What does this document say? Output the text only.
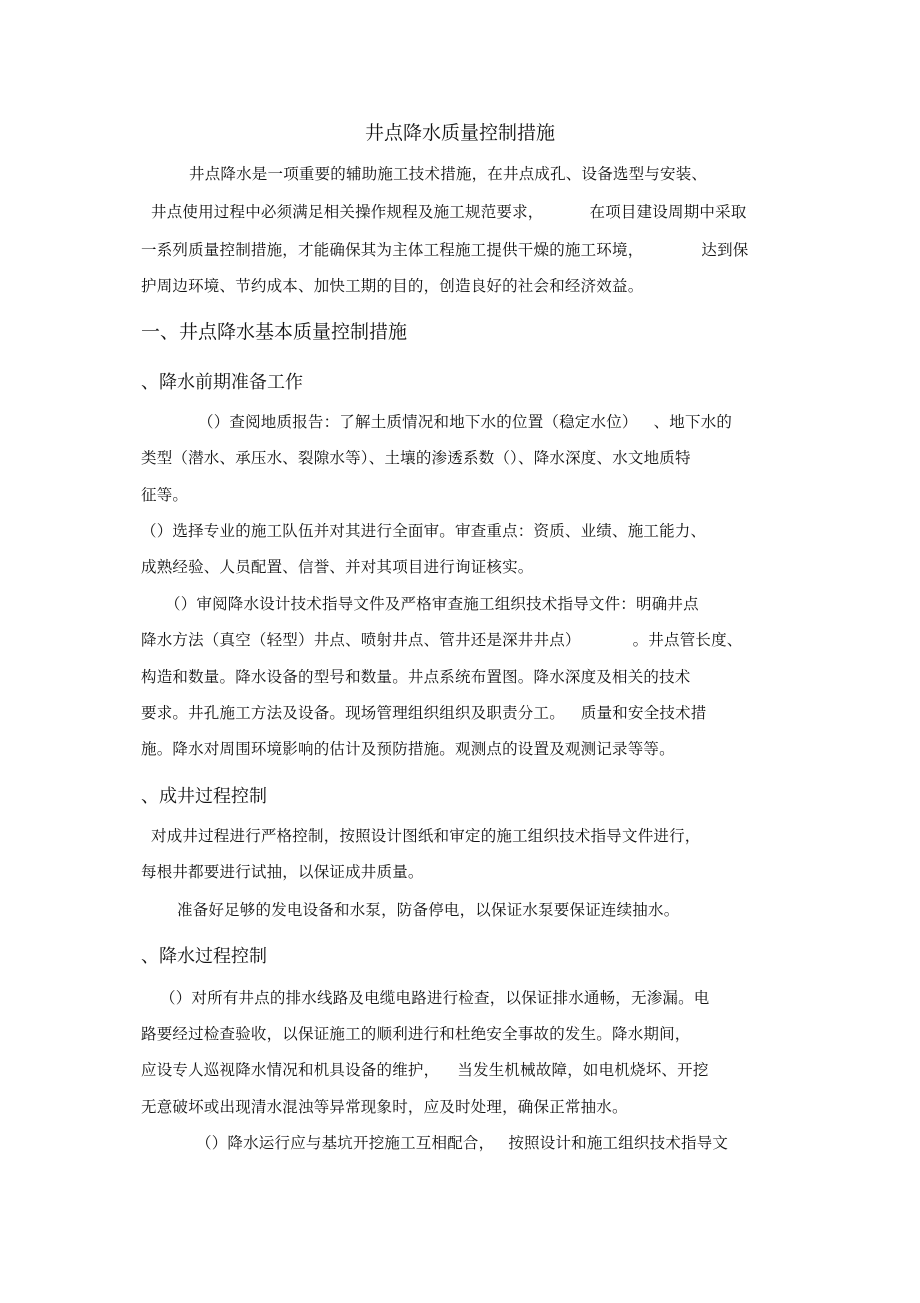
井点降水质量控制措施
井点降水是一项重要的辅助施工技术措施，在井点成孔、设备选型与安装、
井点使用过程中必须满足相关操作规程及施工规范要求，	在项目建设周期中采取
一系列质量控制措施，才能确保其为主体工程施工提供干燥的施工环境，	达到保
护周边环境、节约成本、加快工期的目的，创造良好的社会和经济效益。
一、井点降水基本质量控制措施
、降水前期准备工作
（）查阅地质报告：了解土质情况和地下水的位置（稳定水位） 、地下水的
类型（潜水、承压水、裂隙水等）、土壤的渗透系数（）、降水深度、水文地质特
征等。
（）选择专业的施工队伍并对其进行全面审。审查重点：资质、业绩、施工能力、
成熟经验、人员配置、信誉、并对其项目进行询证核实。
（）审阅降水设计技术指导文件及严格审查施工组织技术指导文件：明确井点
降水方法（真空（轻型）井点、喷射井点、管井还是深井井点）	。井点管长度、
构造和数量。降水设备的型号和数量。井点系统布置图。降水深度及相关的技术
要求。井孔施工方法及设备。现场管理组织组织及职责分工。 质量和安全技术措
施。降水对周围环境影响的估计及预防措施。观测点的设置及观测记录等等。
、成井过程控制
对成井过程进行严格控制，按照设计图纸和审定的施工组织技术指导文件进行，
每根井都要进行试抽，以保证成井质量。
准备好足够的发电设备和水泵，防备停电，以保证水泵要保证连续抽水。
、降水过程控制
（）对所有井点的排水线路及电缆电路进行检查，以保证排水通畅，无渗漏。电
路要经过检查验收，以保证施工的顺利进行和杜绝安全事故的发生。降水期间，
应设专人巡视降水情况和机具设备的维护， 当发生机械故障，如电机烧坏、开挖
无意破坏或出现清水混浊等异常现象时，应及时处理，确保正常抽水。
（）降水运行应与基坑开挖施工互相配合， 按照设计和施工组织技术指导文
